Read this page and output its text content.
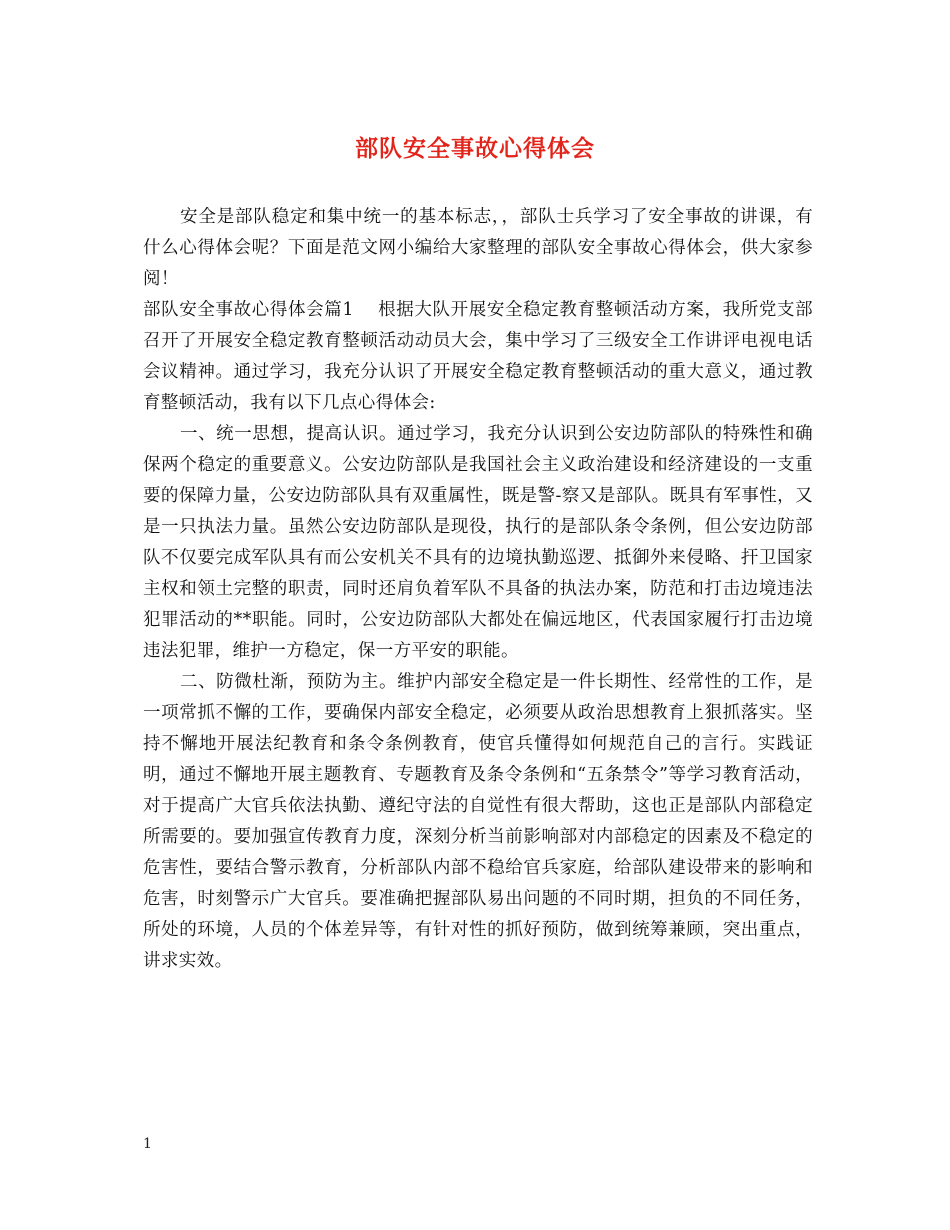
部队安全事故心得体会

安全是部队稳定和集中统一的基本标志，，部队士兵学习了安全事故的讲课，有什么心得体会呢？下面是范文网小编给大家整理的部队安全事故心得体会，供大家参阅！

部队安全事故心得体会篇1 根据大队开展安全稳定教育整顿活动方案，我所党支部召开了开展安全稳定教育整顿活动动员大会，集中学习了三级安全工作讲评电视电话会议精神。通过学习，我充分认识了开展安全稳定教育整顿活动的重大意义，通过教育整顿活动，我有以下几点心得体会:

一、统一思想，提高认识。通过学习，我充分认识到公安边防部队的特殊性和确保两个稳定的重要意义。公安边防部队是我国社会主义政治建设和经济建设的一支重要的保障力量，公安边防部队具有双重属性，既是警-察又是部队。既具有军事性，又是一只执法力量。虽然公安边防部队是现役，执行的是部队条令条例，但公安边防部队不仅要完成军队具有而公安机关不具有的边境执勤巡逻、抵御外来侵略、扞卫国家主权和领土完整的职责，同时还肩负着军队不具备的执法办案，防范和打击边境违法犯罪活动的**职能。同时，公安边防部队大都处在偏远地区，代表国家履行打击边境违法犯罪，维护一方稳定，保一方平安的职能。

二、防微杜渐，预防为主。维护内部安全稳定是一件长期性、经常性的工作，是一项常抓不懈的工作，要确保内部安全稳定，必须要从政治思想教育上狠抓落实。坚持不懈地开展法纪教育和条令条例教育，使官兵懂得如何规范自己的言行。实践证明，通过不懈地开展主题教育、专题教育及条令条例和“五条禁令”等学习教育活动，对于提高广大官兵依法执勤、遵纪守法的自觉性有很大帮助，这也正是部队内部稳定所需要的。要加强宣传教育力度，深刻分析当前影响部对内部稳定的因素及不稳定的危害性，要结合警示教育，分析部队内部不稳给官兵家庭，给部队建设带来的影响和危害，时刻警示广大官兵。要准确把握部队易出问题的不同时期，担负的不同任务，所处的环境，人员的个体差异等，有针对性的抓好预防，做到统筹兼顾，突出重点，讲求实效。

1
